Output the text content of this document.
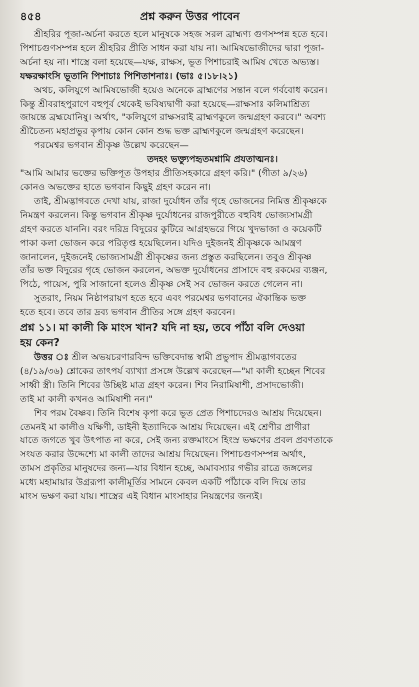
৪৫৪	প্রশ্ন করুন উত্তর পাবেন
শ্রীহরির পূজা-অর্চনা করতে হলে মানুষকে সহজ সরল ব্রাহ্মণ্য গুণসম্পন্ন হতে হবে।
পিশাচগুণসম্পন্ন হলে শ্রীহরির প্রীতি সাধন করা যায় না। আমিষভোজীদের দ্বারা পূজা-
অর্চনা হয় না। শাস্ত্রে বলা হয়েছে—যক্ষ, রাক্ষস, ভূত পিশাচরাই আমিষ খেতে অভ্যস্ত।
যক্ষরক্ষাংসি ভূতানি পিশাচাঃ পিশিতাশনাঃ। (ভাঃ ৫।১৮।২১)
অথচ, কলিযুগে আমিষভোজী হয়েও অনেকে ব্রাহ্মণের সন্তান বলে গর্ববোধ করেন।
কিন্তু শ্রীবরাহপুরাণে বহুপূর্ব থেকেই ভবিষ্যদ্বাণী করা হয়েছে—রাক্ষসাঃ কলিমাশ্রিত্য
জায়ন্তে ব্রহ্মযোনিষু। অর্থাৎ, "কলিযুগে রাক্ষসরাই ব্রাহ্মণকুলে জন্মগ্রহণ করবে।" অবশ্য
শ্রীচৈতন্য মহাপ্রভুর কৃপায় কোন কোন শুদ্ধ ভক্ত ব্রাহ্মণকুলে জন্মগ্রহণ করেছেন।
পরমেশ্বর ভগবান শ্রীকৃষ্ণ উল্লেখ করেছেন—
তদহং ভক্ত্যুপহৃতমশ্নামি প্রযতাত্মনঃ।
"আমি আমার ভক্তের ভক্তিপূত উপহার প্রীতিসহকারে গ্রহণ করি।" (গীতা ৯/২৬)
কোনও অভক্তের হাতে ভগবান কিছুই গ্রহণ করেন না।
তাই, শ্রীমদ্ভাগবতে দেখা যায়, রাজা দুর্যোধন তাঁর গৃহে ভোজনের নিমিত্ত শ্রীকৃষ্ণকে
নিমন্ত্রণ করলেন। কিন্তু ভগবান শ্রীকৃষ্ণ দুর্যোধনের রাজপুরীতে বহুবিধ ভোজ্যসামগ্রী
গ্রহণ করতে যাননি। বরং দরিদ্র বিদুরের কুটিরে আগ্রহভরে গিয়ে খুদভাজা ও কয়েকটি
পাকা কলা ভোজন করে পরিতৃপ্ত হয়েছিলেন। যদিও দুইজনই শ্রীকৃষ্ণকে আমন্ত্রণ
জানালেন, দুইজনেই ভোজ্যসামগ্রী শ্রীকৃষ্ণের জন্য প্রস্তুত করছিলেন। তবুও শ্রীকৃষ্ণ
তাঁর ভক্ত বিদুরের গৃহে ভোজন করলেন, অভক্ত দুর্যোধনের প্রাসাদে বহু রকমের ব্যঞ্জন,
পিঠে, পায়েস, পুরি সাজানো হলেও শ্রীকৃষ্ণ সেই সব ভোজন করতে গেলেন না।
সুতরাং, নিয়ম নিষ্ঠাপরায়ণ হতে হবে এবং পরমেশ্বর ভগবানের ঐকান্তিক ভক্ত
হতে হবে। তবে তার দ্রব্য ভগবান প্রীতির সঙ্গে গ্রহণ করবেন।
প্রশ্ন ১১। মা কালী কি মাংস খান? যদি না হয়, তবে পাঁঠা বলি দেওয়া
হয় কেন?
উত্তর ঃ শ্রীল অভয়চরণারবিন্দ ভক্তিবেদান্ত স্বামী প্রভুপাদ শ্রীমদ্ভাগবতের
(৪/১৯/৩৬) শ্লোকের তাৎপর্য ব্যাখ্যা প্রসঙ্গে উল্লেখ করেছেন—"মা কালী হচ্ছেন শিবের
সাধ্বী স্ত্রী। তিনি শিবের উচ্ছিষ্ট মাত্র গ্রহণ করেন। শিব নিরামিষাশী, প্রসাদভোজী।
তাই মা কালী কখনও আমিষাশী নন।"
শিব পরম বৈষ্ণব। তিনি বিশেষ কৃপা করে ভূত প্রেত পিশাচদেরও আশ্রয় দিয়েছেন।
তেমনই মা কালীও যক্ষিণী, ডাইনী ইত্যাদিকে আশ্রয় দিয়েছেন। এই শ্রেণীর প্রাণীরা
যাতে জগতে খুব উৎপাত না করে, সেই জন্য রক্তমাংসে হিংস্র ভক্ষণের প্রবল প্রবণতাকে
সংযত করার উদ্দেশ্যে মা কালী তাদের আশ্রয় দিয়েছেন। পিশাচগুণসম্পন্ন অর্থাৎ,
তামস প্রকৃতির মানুষদের জন্য—যার বিধান হচ্ছে, অমাবস্যার গভীর রাত্রে জঙ্গলের
মধ্যে মহামায়ার উগ্ররূপা কালীমূর্তির সামনে কেবল একটি পাঁঠাকে বলি দিয়ে তার
মাংস ভক্ষণ করা যায়। শাস্ত্রের এই বিধান মাংসাহার নিয়ন্ত্রণের জন্যই।
